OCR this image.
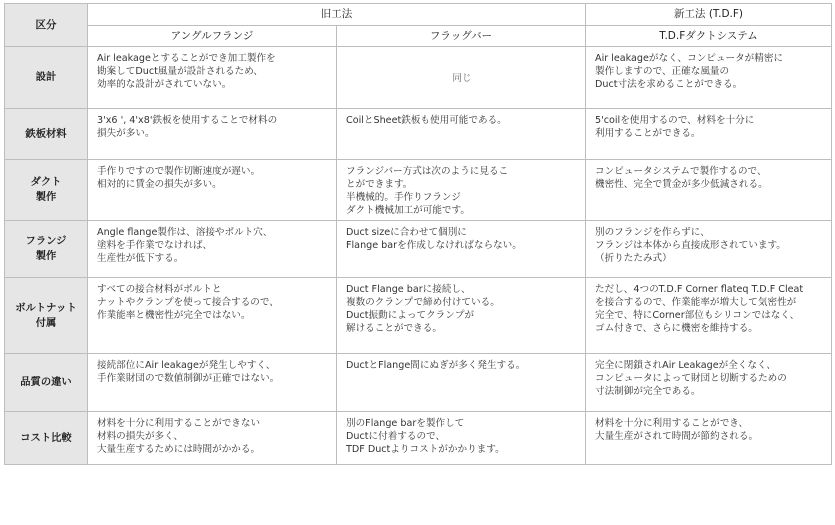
区分	旧工法		新工法 (T.D.F)
	アングルフランジ	フラッグバー	T.D.Fダクトシステム

設計	Air leakageとすることができ加工製作を
勘案してDuct風量が設計されるため、
効率的な設計がされていない。	同じ	Air leakageがなく、コンピュータが精密に
製作しますので、正確な風量の
Duct寸法を求めることができる。

鉄板材料	3'x6 ', 4'x8'鉄板を使用することで材料の
損失が多い。	CoilとSheet鉄板も使用可能である。	5'coilを使用するので、材料を十分に
利用することができる。

ダクト
製作	手作りですので製作切断速度が遅い。
相対的に賃金の損失が多い。	フランジバー方式は次のように見るこ
とができます。
半機械的。手作りフランジ
ダクト機械加工が可能です。	コンピュータシステムで製作するので、
機密性、完全で賃金が多少低減される。

フランジ
製作	Angle flange製作は、溶接やボルト穴、
塗料を手作業でなければ、
生産性が低下する。	Duct sizeに合わせて個別に
Flange barを作成しなければならない。	別のフランジを作らずに、
フランジは本体から直接成形されています。
（折りたたみ式）

ボルトナット
付属	すべての接合材料がボルトと
ナットやクランプを使って接合するので、
作業能率と機密性が完全ではない。	Duct Flange barに接続し、
複数のクランプで締め付けている。
Duct振動によってクランプが
解けることができる。	ただし、4つのT.D.F Corner flateq T.D.F Cleat
を接合するので、作業能率が増大して気密性が
完全で、特にCorner部位もシリコンではなく、
ゴム付きで、さらに機密を維持する。

品質の違い	接続部位にAir leakageが発生しやすく、
手作業財団ので数値制御が正確ではない。	DuctとFlange間にぬぎが多く発生する。	完全に閉鎖されAir Leakageが全くなく、
コンピュータによって財団と切断するための
寸法制御が完全である。

コスト比較	材料を十分に利用することができない
材料の損失が多く、
大量生産するためには時間がかかる。	別のFlange barを製作して
Ductに付着するので、
TDF Ductよりコストがかかります。	材料を十分に利用することができ、
大量生産がされて時間が節約される。
